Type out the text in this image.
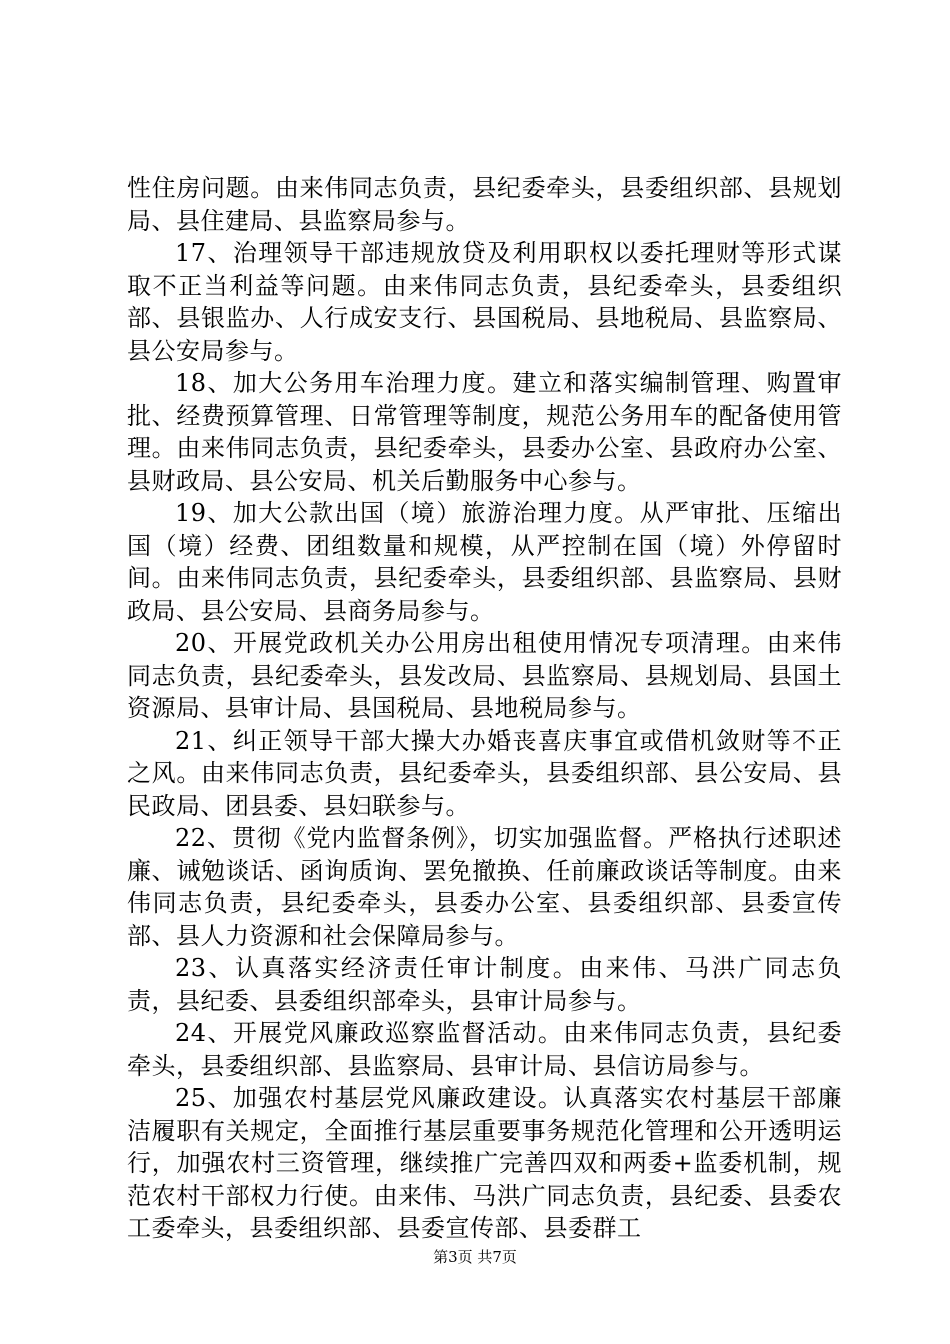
性住房问题。由来伟同志负责，县纪委牵头，县委组织部、县规划局、县住建局、县监察局参与。

17、治理领导干部违规放贷及利用职权以委托理财等形式谋取不正当利益等问题。由来伟同志负责，县纪委牵头，县委组织部、县银监办、人行成安支行、县国税局、县地税局、县监察局、县公安局参与。

18、加大公务用车治理力度。建立和落实编制管理、购置审批、经费预算管理、日常管理等制度，规范公务用车的配备使用管理。由来伟同志负责，县纪委牵头，县委办公室、县政府办公室、县财政局、县公安局、机关后勤服务中心参与。

19、加大公款出国（境）旅游治理力度。从严审批、压缩出国（境）经费、团组数量和规模，从严控制在国（境）外停留时间。由来伟同志负责，县纪委牵头，县委组织部、县监察局、县财政局、县公安局、县商务局参与。

20、开展党政机关办公用房出租使用情况专项清理。由来伟同志负责，县纪委牵头，县发改局、县监察局、县规划局、县国土资源局、县审计局、县国税局、县地税局参与。

21、纠正领导干部大操大办婚丧喜庆事宜或借机敛财等不正之风。由来伟同志负责，县纪委牵头，县委组织部、县公安局、县民政局、团县委、县妇联参与。

22、贯彻《党内监督条例》，切实加强监督。严格执行述职述廉、诫勉谈话、函询质询、罢免撤换、任前廉政谈话等制度。由来伟同志负责，县纪委牵头，县委办公室、县委组织部、县委宣传部、县人力资源和社会保障局参与。

23、认真落实经济责任审计制度。由来伟、马洪广同志负责，县纪委、县委组织部牵头，县审计局参与。

24、开展党风廉政巡察监督活动。由来伟同志负责，县纪委牵头，县委组织部、县监察局、县审计局、县信访局参与。

25、加强农村基层党风廉政建设。认真落实农村基层干部廉洁履职有关规定，全面推行基层重要事务规范化管理和公开透明运行，加强农村三资管理，继续推广完善四双和两委+监委机制，规范农村干部权力行使。由来伟、马洪广同志负责，县纪委、县委农工委牵头，县委组织部、县委宣传部、县委群工

第3页 共7页
